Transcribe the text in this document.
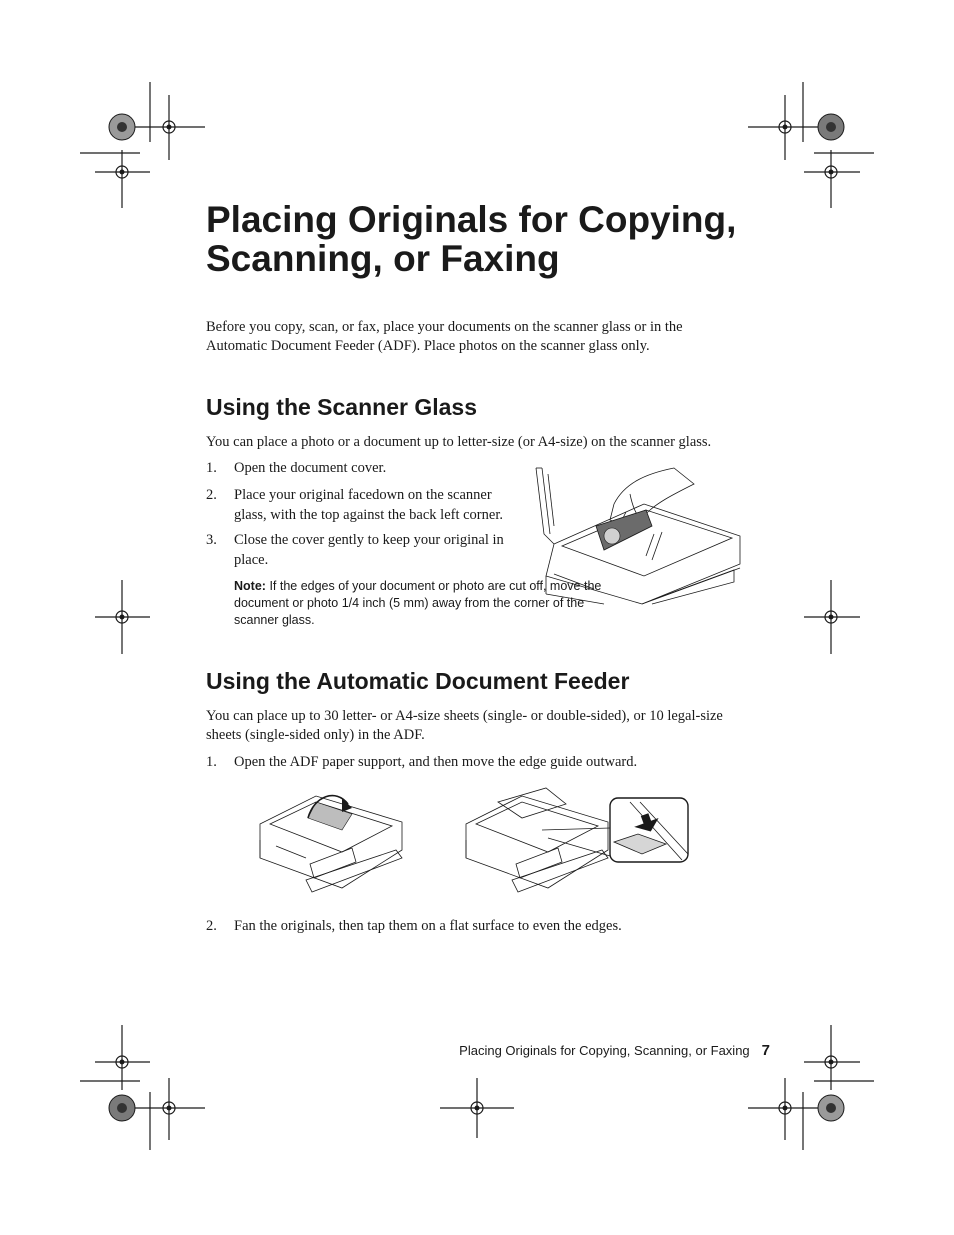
Placing Originals for Copying, Scanning, or Faxing

Before you copy, scan, or fax, place your documents on the scanner glass or in the Automatic Document Feeder (ADF). Place photos on the scanner glass only.

Using the Scanner Glass

You can place a photo or a document up to letter-size (or A4-size) on the scanner glass.

1.	Open the document cover.
2.	Place your original facedown on the scanner glass, with the top against the back left corner.
3.	Close the cover gently to keep your original in place.
Note: If the edges of your document or photo are cut off, move the document or photo 1/4 inch (5 mm) away from the corner of the scanner glass.
Using the Automatic Document Feeder

You can place up to 30 letter- or A4-size sheets (single- or double-sided), or 10 legal-size sheets (single-sided only) in the ADF.

1.	Open the ADF paper support, and then move the edge guide outward.
2.	Fan the originals, then tap them on a flat surface to even the edges.
Placing Originals for Copying, Scanning, or Faxing 7
